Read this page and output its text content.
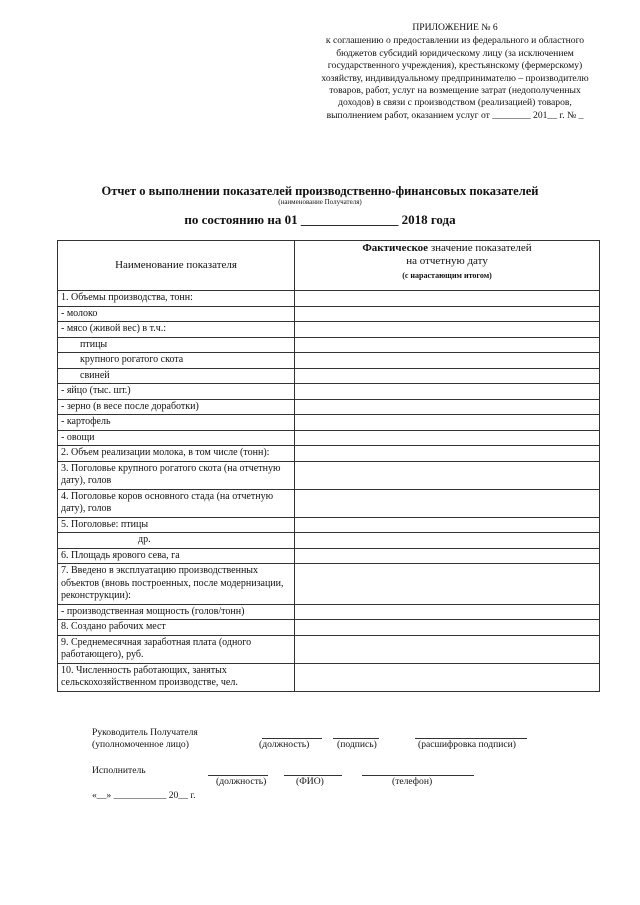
ПРИЛОЖЕНИЕ № 6
к соглашению о предоставлении из федерального и областного
бюджетов субсидий юридическому лицу (за исключением
государственного учреждения), крестьянскому (фермерскому)
хозяйству, индивидуальному предпринимателю – производителю
товаров, работ, услуг на возмещение затрат (недополученных
доходов) в связи с производством (реализацией) товаров,
выполнением работ, оказанием услуг от ________ 201__ г. № _
Отчет о выполнении показателей производственно-финансовых показателей
(наименование Получателя)
по состоянию на 01 _______________ 2018 года
Наименование показателя	Фактическое значение показателей
на отчетную дату
(с нарастающим итогом)

1. Объемы производства, тонн:	
- молоко	
- мясо (живой вес) в т.ч.:	
птицы	
крупного рогатого скота	
свиней	
- яйцо (тыс. шт.)	
- зерно (в весе после доработки)	
- картофель	
- овощи	
2. Объем реализации молока, в том числе (тонн):	
3. Поголовье крупного рогатого скота (на отчетную дату), голов	
4. Поголовье коров основного стада (на отчетную дату), голов	
5. Поголовье: птицы	
др.	
6. Площадь ярового сева, га	
7. Введено в эксплуатацию производственных объектов (вновь построенных, после модернизации, реконструкции):	
- производственная мощность (голов/тонн)	
8. Создано рабочих мест	
9. Среднемесячная заработная плата (одного работающего), руб.	
10. Численность работающих, занятых сельскохозяйственном производстве, чел.	
Руководитель Получателя
(уполномоченное лицо)	(должность)	(подпись)	(расшифровка подписи)
Исполнитель
(должность)	(ФИО)	(телефон)
«__» ___________ 20__ г.
